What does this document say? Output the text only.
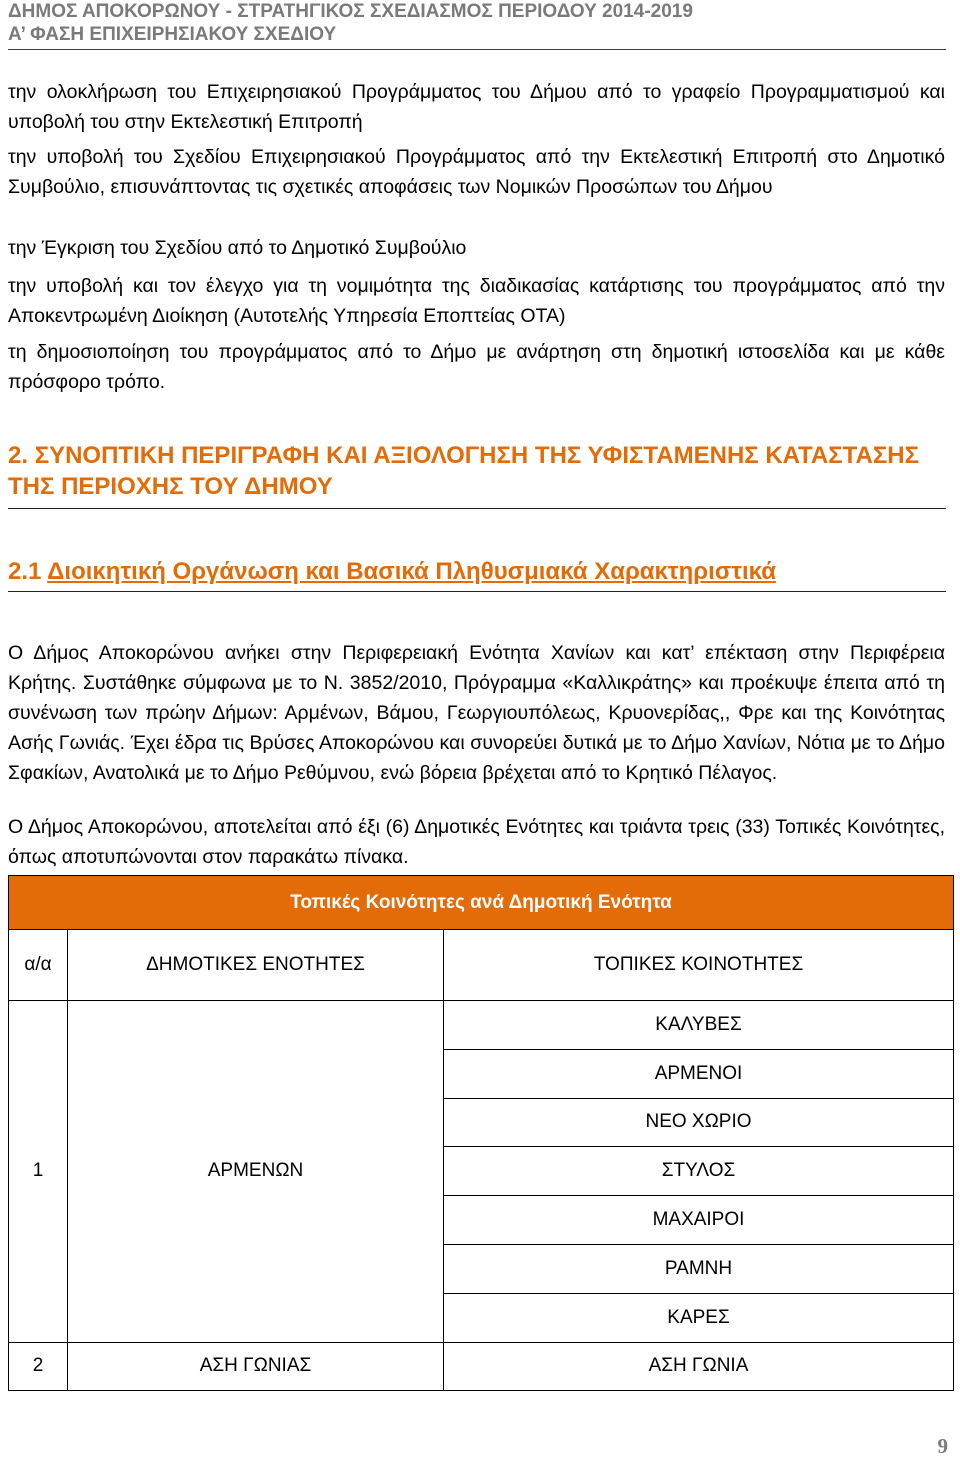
ΔΗΜΟΣ ΑΠΟΚΟΡΩΝΟΥ - ΣΤΡΑΤΗΓΙΚΟΣ ΣΧΕΔΙΑΣΜΟΣ ΠΕΡΙΟΔΟΥ 2014-2019
Α’ ΦΑΣΗ ΕΠΙΧΕΙΡΗΣΙΑΚΟΥ ΣΧΕΔΙΟΥ
την ολοκλήρωση του Επιχειρησιακού Προγράμματος του Δήμου από το γραφείο Προγραμματισμού και υποβολή του στην Εκτελεστική Επιτροπή
την υποβολή του Σχεδίου Επιχειρησιακού Προγράμματος από την Εκτελεστική Επιτροπή στο Δημοτικό Συμβούλιο, επισυνάπτοντας τις σχετικές αποφάσεις των Νομικών Προσώπων του Δήμου
την Έγκριση του Σχεδίου από το Δημοτικό Συμβούλιο
την υποβολή και τον έλεγχο για τη νομιμότητα της διαδικασίας κατάρτισης του προγράμματος από την Αποκεντρωμένη Διοίκηση (Αυτοτελής Υπηρεσία Εποπτείας ΟΤΑ)
τη δημοσιοποίηση του προγράμματος από το Δήμο με ανάρτηση στη δημοτική ιστοσελίδα και με κάθε πρόσφορο τρόπο.
2. ΣΥΝΟΠΤΙΚΗ ΠΕΡΙΓΡΑΦΗ ΚΑΙ ΑΞΙΟΛΟΓΗΣΗ ΤΗΣ ΥΦΙΣΤΑΜΕΝΗΣ ΚΑΤΑΣΤΑΣΗΣ ΤΗΣ ΠΕΡΙΟΧΗΣ ΤΟΥ ΔΗΜΟΥ
2.1 Διοικητική Οργάνωση και Βασικά Πληθυσμιακά Χαρακτηριστικά
Ο Δήμος Αποκορώνου ανήκει στην Περιφερειακή Ενότητα Χανίων και κατ’ επέκταση στην Περιφέρεια Κρήτης. Συστάθηκε σύμφωνα με το Ν. 3852/2010, Πρόγραμμα «Καλλικράτης» και προέκυψε έπειτα από τη συνένωση των πρώην Δήμων: Αρμένων, Βάμου, Γεωργιουπόλεως, Κρυονερίδας,, Φρε και της Κοινότητας Ασής Γωνιάς. Έχει έδρα τις Βρύσες Αποκορώνου και συνορεύει δυτικά με το Δήμο Χανίων, Νότια με το Δήμο Σφακίων, Ανατολικά με το Δήμο Ρεθύμνου, ενώ βόρεια βρέχεται από το Κρητικό Πέλαγος.
Ο Δήμος Αποκορώνου, αποτελείται από έξι (6) Δημοτικές Ενότητες και τριάντα τρεις (33) Τοπικές Κοινότητες, όπως αποτυπώνονται στον παρακάτω πίνακα.
Τοπικές Κοινότητες ανά Δημοτική Ενότητα		
α/α	ΔΗΜΟΤΙΚΕΣ ΕΝΟΤΗΤΕΣ	ΤΟΠΙΚΕΣ ΚΟΙΝΟΤΗΤΕΣ
1	ΑΡΜΕΝΩΝ	ΚΑΛΥΒΕΣ
		ΑΡΜΕΝΟΙ
		ΝΕΟ ΧΩΡΙΟ
		ΣΤΥΛΟΣ
		ΜΑΧΑΙΡΟΙ
		ΡΑΜΝΗ
		ΚΑΡΕΣ
2	ΑΣΗ ΓΩΝΙΑΣ	ΑΣΗ ΓΩΝΙΑ
9
